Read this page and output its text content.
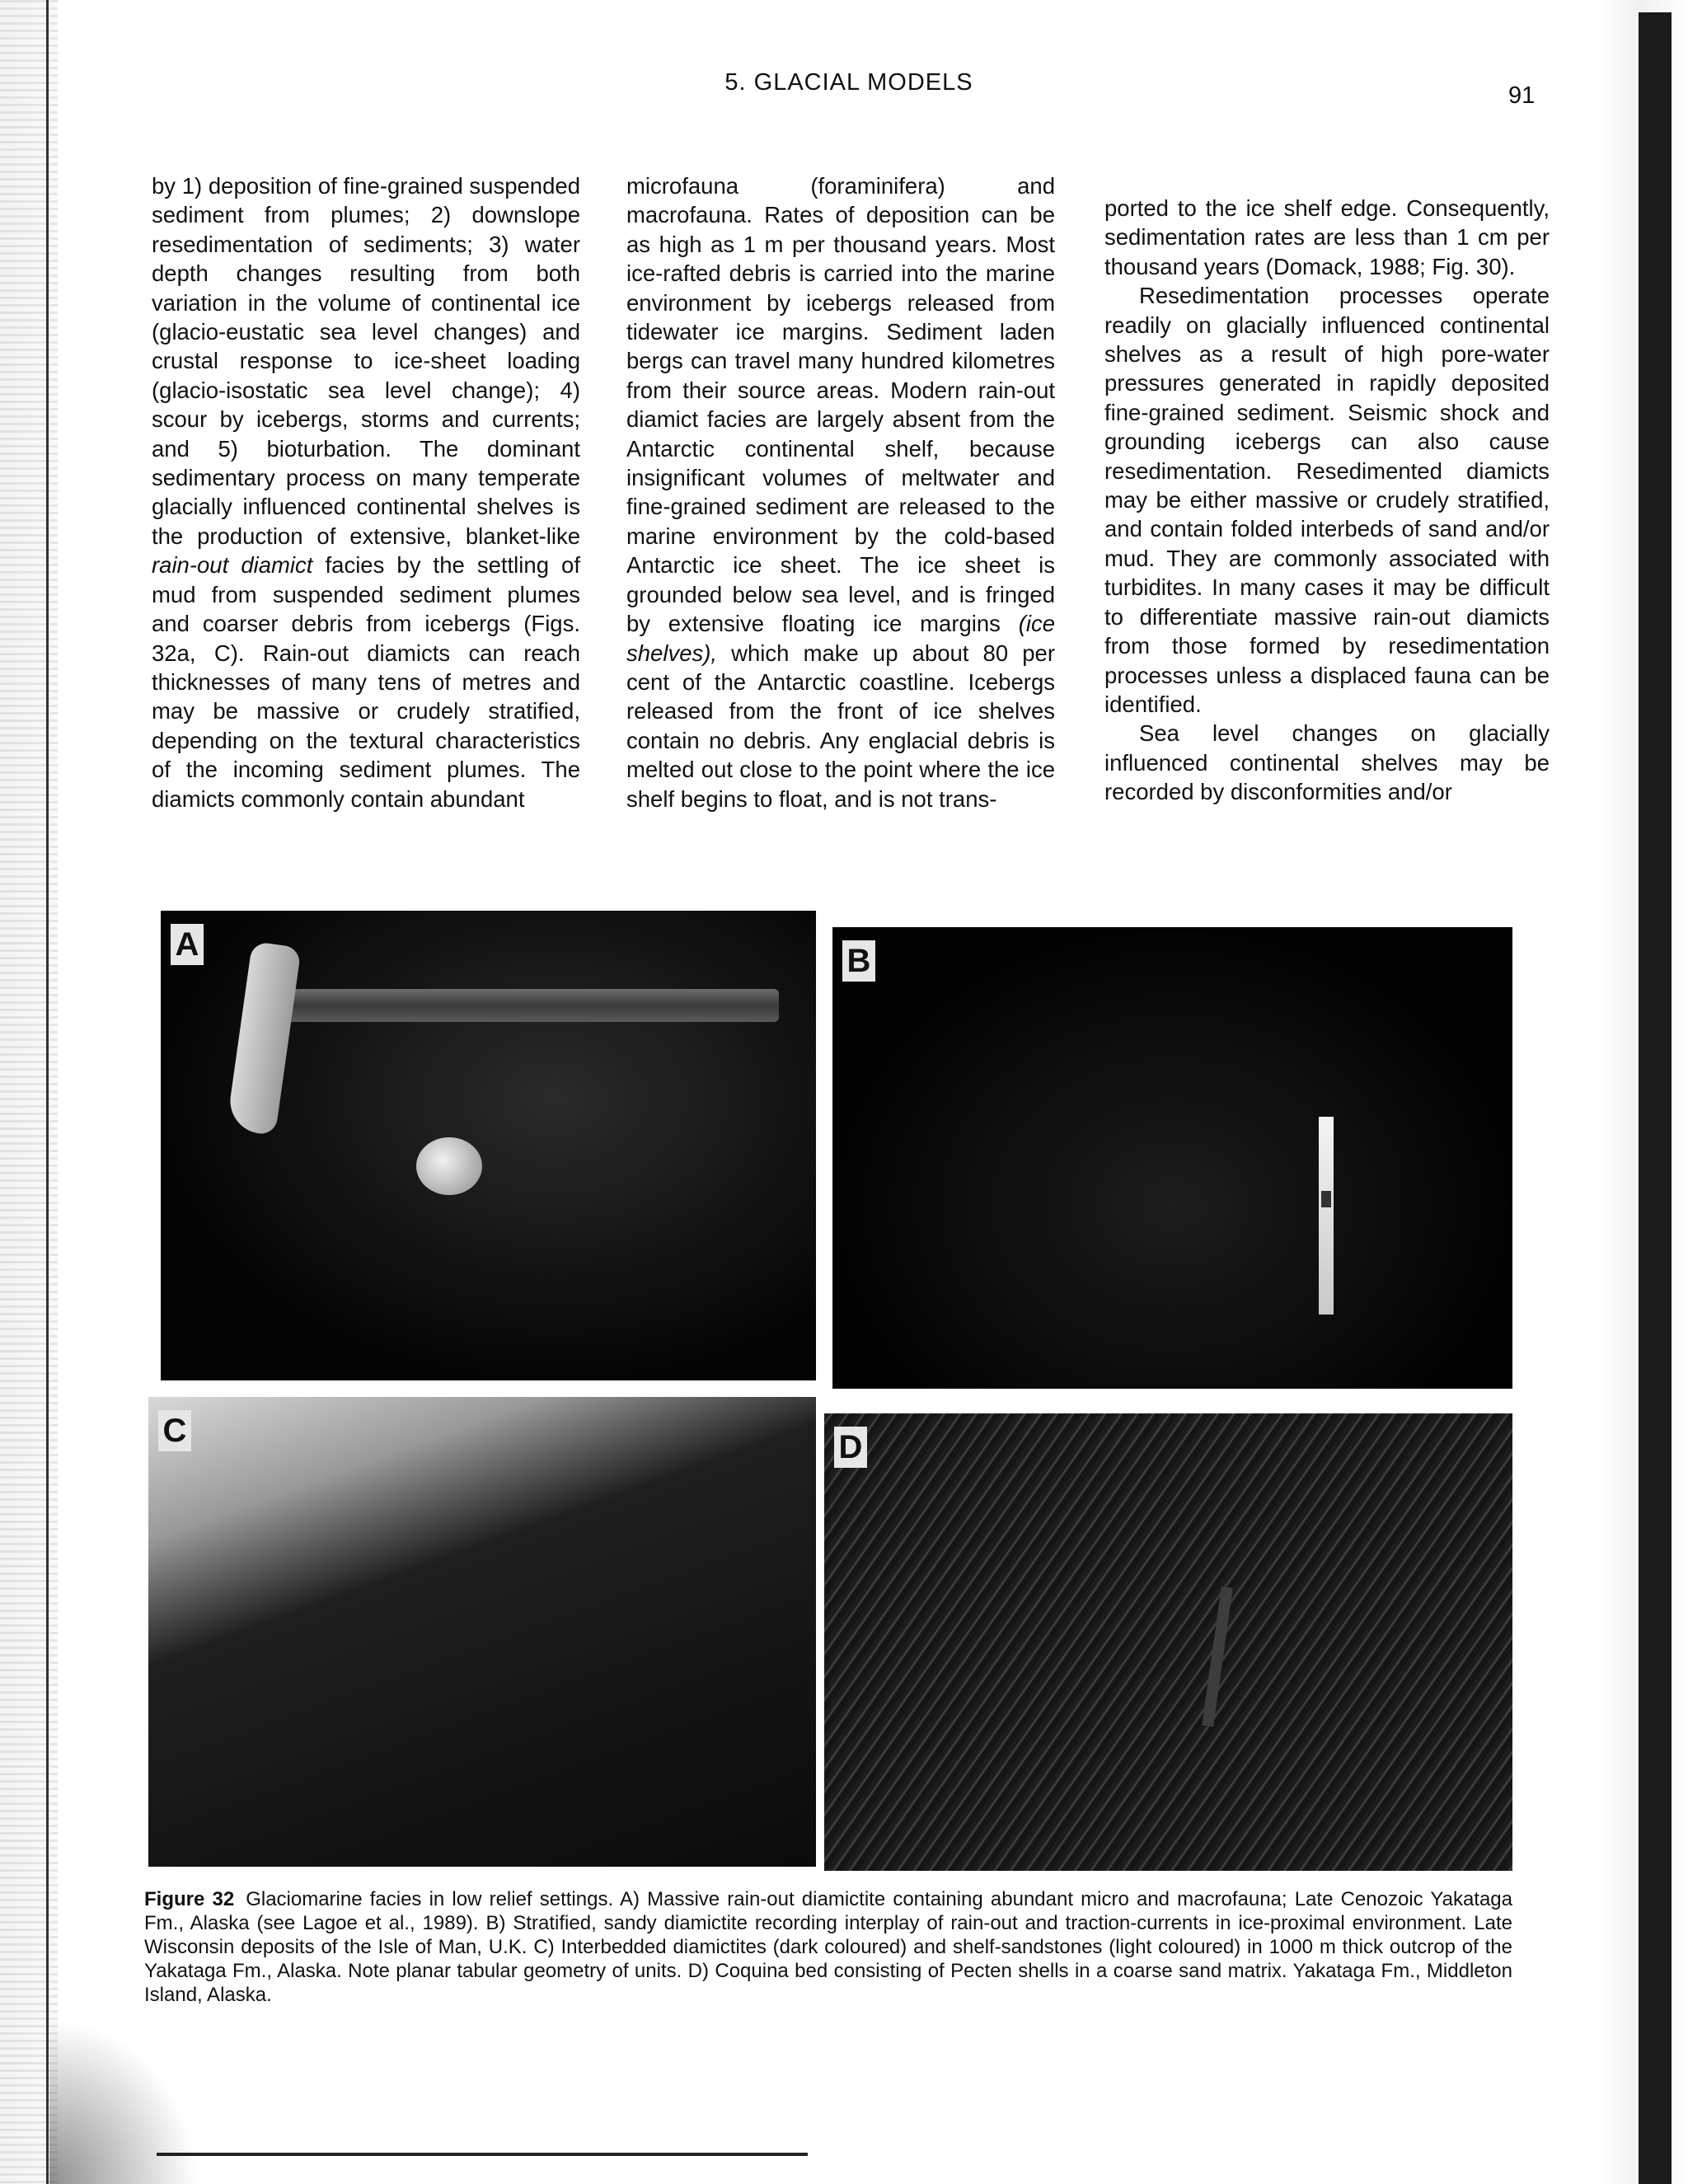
5. GLACIAL MODELS	91

by 1) deposition of fine-grained suspended sediment from plumes; 2) downslope resedimentation of sediments; 3) water depth changes resulting from both variation in the volume of continental ice (glacio-eustatic sea level changes) and crustal response to ice-sheet loading (glacio-isostatic sea level change); 4) scour by icebergs, storms and currents; and 5) bioturbation. The dominant sedimentary process on many temperate glacially influenced continental shelves is the production of extensive, blanket-like rain-out diamict facies by the settling of mud from suspended sediment plumes and coarser debris from icebergs (Figs. 32a, C). Rain-out diamicts can reach thicknesses of many tens of metres and may be massive or crudely stratified, depending on the textural characteristics of the incoming sediment plumes. The diamicts commonly contain abundant

microfauna (foraminifera) and macrofauna. Rates of deposition can be as high as 1 m per thousand years. Most ice-rafted debris is carried into the marine environment by icebergs released from tidewater ice margins. Sediment laden bergs can travel many hundred kilometres from their source areas. Modern rain-out diamict facies are largely absent from the Antarctic continental shelf, because insignificant volumes of meltwater and fine-grained sediment are released to the marine environment by the cold-based Antarctic ice sheet. The ice sheet is grounded below sea level, and is fringed by extensive floating ice margins (ice shelves), which make up about 80 per cent of the Antarctic coastline. Icebergs released from the front of ice shelves contain no debris. Any englacial debris is melted out close to the point where the ice shelf begins to float, and is not trans-

ported to the ice shelf edge. Consequently, sedimentation rates are less than 1 cm per thousand years (Domack, 1988; Fig. 30).

Resedimentation processes operate readily on glacially influenced continental shelves as a result of high pore-water pressures generated in rapidly deposited fine-grained sediment. Seismic shock and grounding icebergs can also cause resedimentation. Resedimented diamicts may be either massive or crudely stratified, and contain folded interbeds of sand and/or mud. They are commonly associated with turbidites. In many cases it may be difficult to differentiate massive rain-out diamicts from those formed by resedimentation processes unless a displaced fauna can be identified.

Sea level changes on glacially influenced continental shelves may be recorded by disconformities and/or

A	B
C	D
Figure 32 Glaciomarine facies in low relief settings. A) Massive rain-out diamictite containing abundant micro and macrofauna; Late Cenozoic Yakataga Fm., Alaska (see Lagoe et al., 1989). B) Stratified, sandy diamictite recording interplay of rain-out and traction-currents in ice-proximal environment. Late Wisconsin deposits of the Isle of Man, U.K. C) Interbedded diamictites (dark coloured) and shelf-sandstones (light coloured) in 1000 m thick outcrop of the Yakataga Fm., Alaska. Note planar tabular geometry of units. D) Coquina bed consisting of Pecten shells in a coarse sand matrix. Yakataga Fm., Middleton Island, Alaska.
